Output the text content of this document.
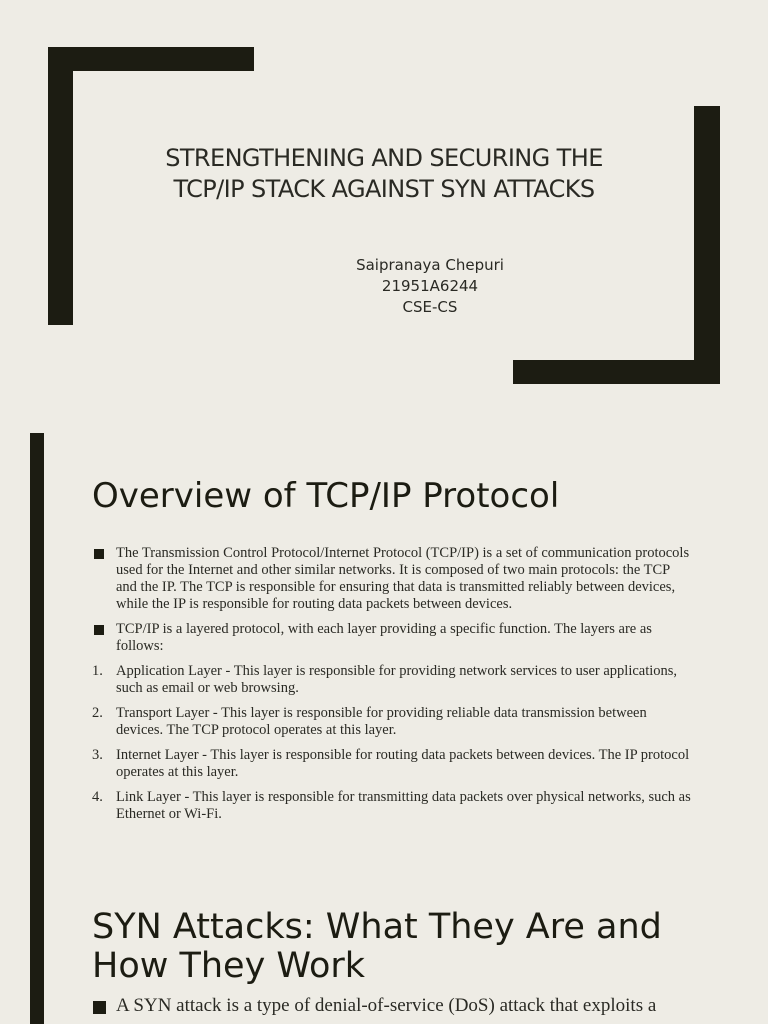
STRENGTHENING AND SECURING THE
TCP/IP STACK AGAINST SYN ATTACKS
Saipranaya Chepuri
21951A6244
CSE-CS
Overview of TCP/IP Protocol
The Transmission Control Protocol/Internet Protocol (TCP/IP) is a set of communication protocols used for the Internet and other similar networks. It is composed of two main protocols: the TCP and the IP. The TCP is responsible for ensuring that data is transmitted reliably between devices, while the IP is responsible for routing data packets between devices.
TCP/IP is a layered protocol, with each layer providing a specific function. The layers are as follows:
1. Application Layer - This layer is responsible for providing network services to user applications, such as email or web browsing.
2. Transport Layer - This layer is responsible for providing reliable data transmission between devices. The TCP protocol operates at this layer.
3. Internet Layer - This layer is responsible for routing data packets between devices. The IP protocol operates at this layer.
4. Link Layer - This layer is responsible for transmitting data packets over physical networks, such as Ethernet or Wi-Fi.
SYN Attacks: What They Are and How They Work
A SYN attack is a type of denial-of-service (DoS) attack that exploits a
